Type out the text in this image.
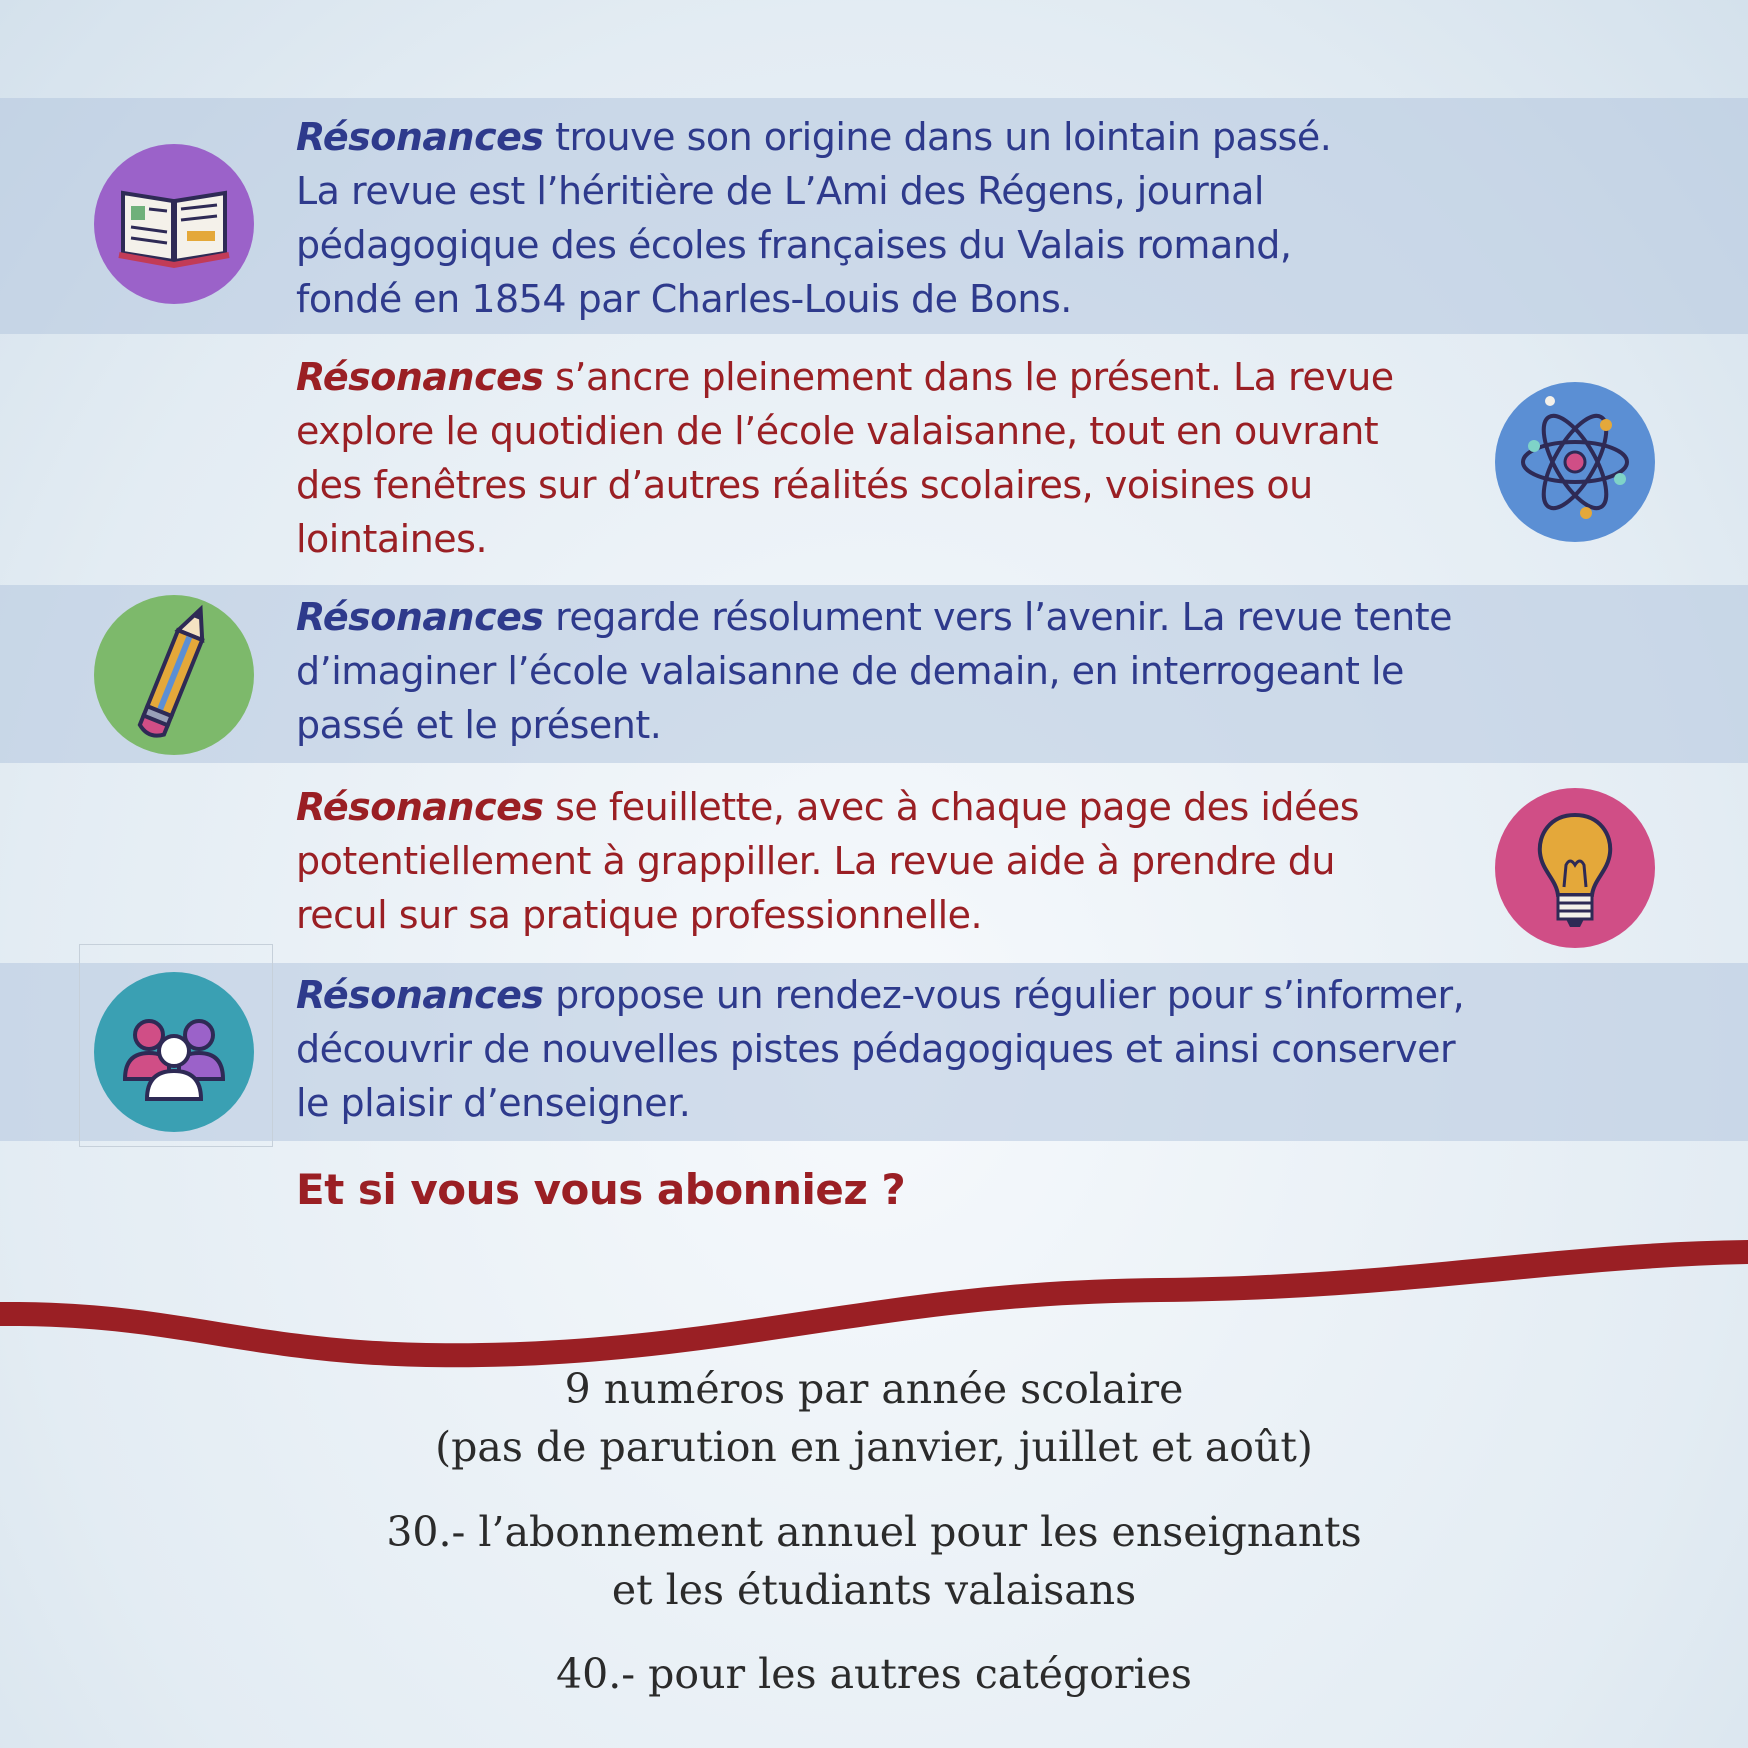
Résonances trouve son origine dans un lointain passé.
La revue est l’héritière de L’Ami des Régens, journal
pédagogique des écoles françaises du Valais romand,
fondé en 1854 par Charles-Louis de Bons.
Résonances s’ancre pleinement dans le présent. La revue
explore le quotidien de l’école valaisanne, tout en ouvrant
des fenêtres sur d’autres réalités scolaires, voisines ou
lointaines.
Résonances regarde résolument vers l’avenir. La revue tente
d’imaginer l’école valaisanne de demain, en interrogeant le
passé et le présent.
Résonances se feuillette, avec à chaque page des idées
potentiellement à grappiller. La revue aide à prendre du
recul sur sa pratique professionnelle.
Résonances propose un rendez-vous régulier pour s’informer,
découvrir de nouvelles pistes pédagogiques et ainsi conserver
le plaisir d’enseigner.
Et si vous vous abonniez ?
9 numéros par année scolaire
(pas de parution en janvier, juillet et août)
30.- l’abonnement annuel pour les enseignants
et les étudiants valaisans
40.- pour les autres catégories
